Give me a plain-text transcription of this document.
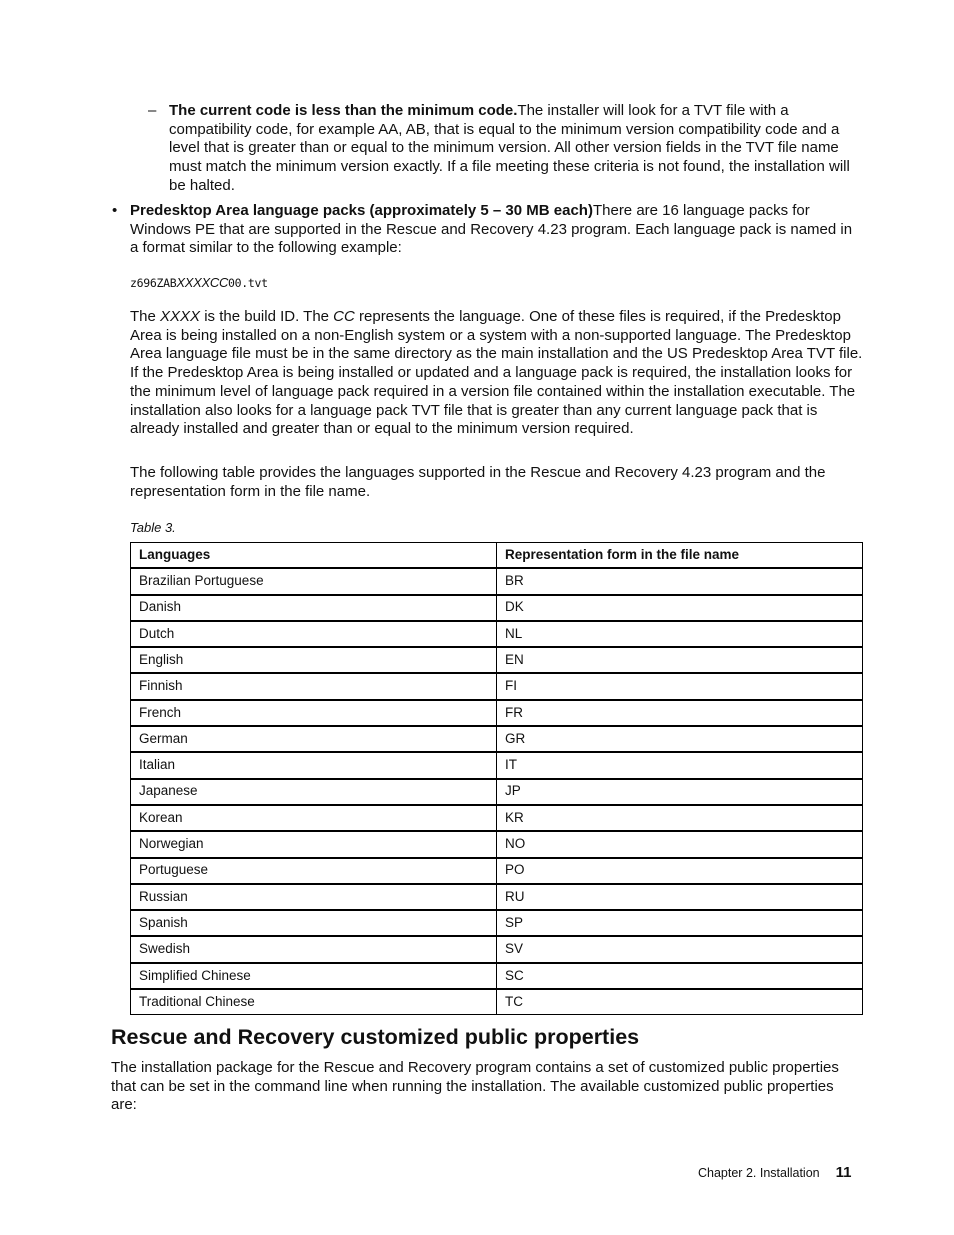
– The current code is less than the minimum code.The installer will look for a TVT file with a compatibility code, for example AA, AB, that is equal to the minimum version compatibility code and a level that is greater than or equal to the minimum version. All other version fields in the TVT file name must match the minimum version exactly. If a file meeting these criteria is not found, the installation will be halted.
• Predesktop Area language packs (approximately 5 – 30 MB each)There are 16 language packs for Windows PE that are supported in the Rescue and Recovery 4.23 program. Each language pack is named in a format similar to the following example:
z696ZABXXXXCC00.tvt
The XXXX is the build ID. The CC represents the language. One of these files is required, if the Predesktop Area is being installed on a non-English system or a system with a non-supported language. The Predesktop Area language file must be in the same directory as the main installation and the US Predesktop Area TVT file. If the Predesktop Area is being installed or updated and a language pack is required, the installation looks for the minimum level of language pack required in a version file contained within the installation executable. The installation also looks for a language pack TVT file that is greater than any current language pack that is already installed and greater than or equal to the minimum version required.
The following table provides the languages supported in the Rescue and Recovery 4.23 program and the representation form in the file name.
Table 3.
Languages	Representation form in the file name
Brazilian Portuguese	BR
Danish	DK
Dutch	NL
English	EN
Finnish	FI
French	FR
German	GR
Italian	IT
Japanese	JP
Korean	KR
Norwegian	NO
Portuguese	PO
Russian	RU
Spanish	SP
Swedish	SV
Simplified Chinese	SC
Traditional Chinese	TC
Rescue and Recovery customized public properties
The installation package for the Rescue and Recovery program contains a set of customized public properties that can be set in the command line when running the installation. The available customized public properties are:
Chapter 2. Installation 11
